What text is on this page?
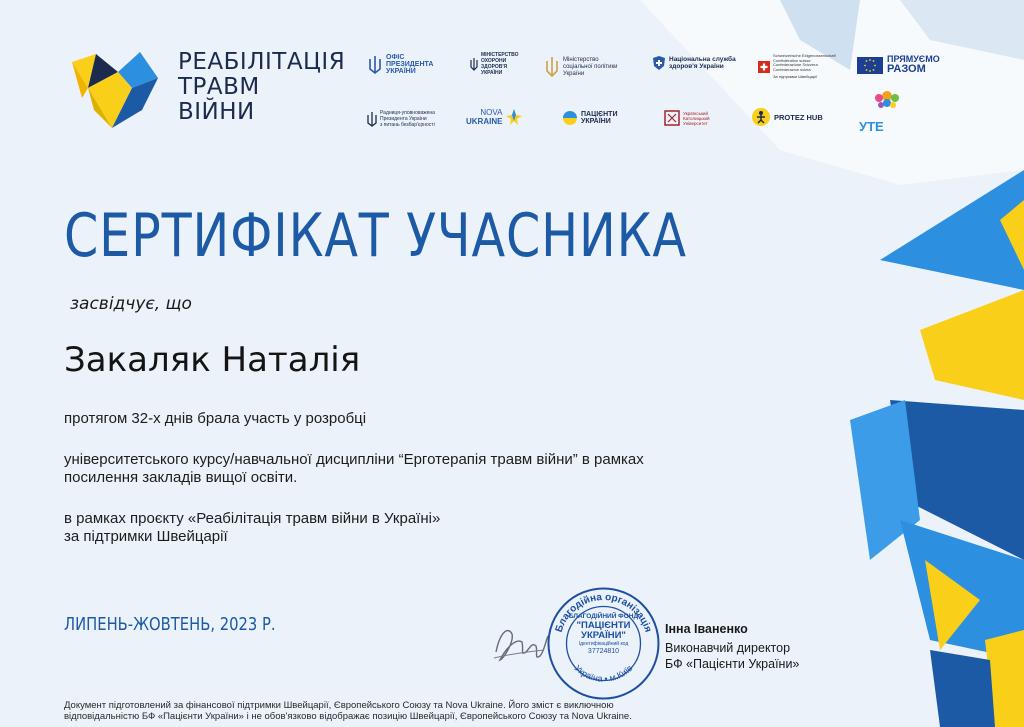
РЕАБІЛІТАЦІЯ
ТРАВМ
ВІЙНИ
ОФІС
ПРЕЗИДЕНТА
УКРАЇНИ
МІНІСТЕРСТВО
ОХОРОНИ
ЗДОРОВ'Я
УКРАЇНИ
Міністерство
соціальної політики
України
Національна служба
здоров'я України
Schweizerische Eidgenossenschaft
Confédération suisse
Confederazione Svizzera
Confederaziun svizra
За підтримки Швейцарії
ПРЯМУЄМО
РАЗОМ
Радниця-уповноважена
Президента України
з питань безбар'єрності
NOVA
UKRAINE
ПАЦІЄНТИ
УКРАЇНИ
Український
Католицький
Університет
PROTEZ HUB
УТЕ
СЕРТИФІКАТ УЧАСНИКА
засвідчує, що
Закаляк Наталія
протягом 32-х днів брала участь у розробці
університетського курсу/навчальної дисципліни “Ерготерапія травм війни” в рамках
посилення закладів вищої освіти.
в рамках проєкту «Реабілітація травм війни в Україні»
за підтримки Швейцарії
ЛИПЕНЬ-ЖОВТЕНЬ, 2023 Р.	Благодійна організація
Україна • м.Київ
БЛАГОДІЙНИЙ ФОНД
"ПАЦІЄНТИ
УКРАЇНИ"
Ідентифікаційний код
37724810
Інна Іваненко
Виконавчий директор
БФ «Пацієнти України»
Документ підготовлений за фінансової підтримки Швейцарії, Європейського Союзу та Nova Ukraine. Його зміст є виключною
відповідальністю БФ «Пацієнти України» і не обов'язково відображає позицію Швейцарії, Європейського Союзу та Nova Ukraine.
